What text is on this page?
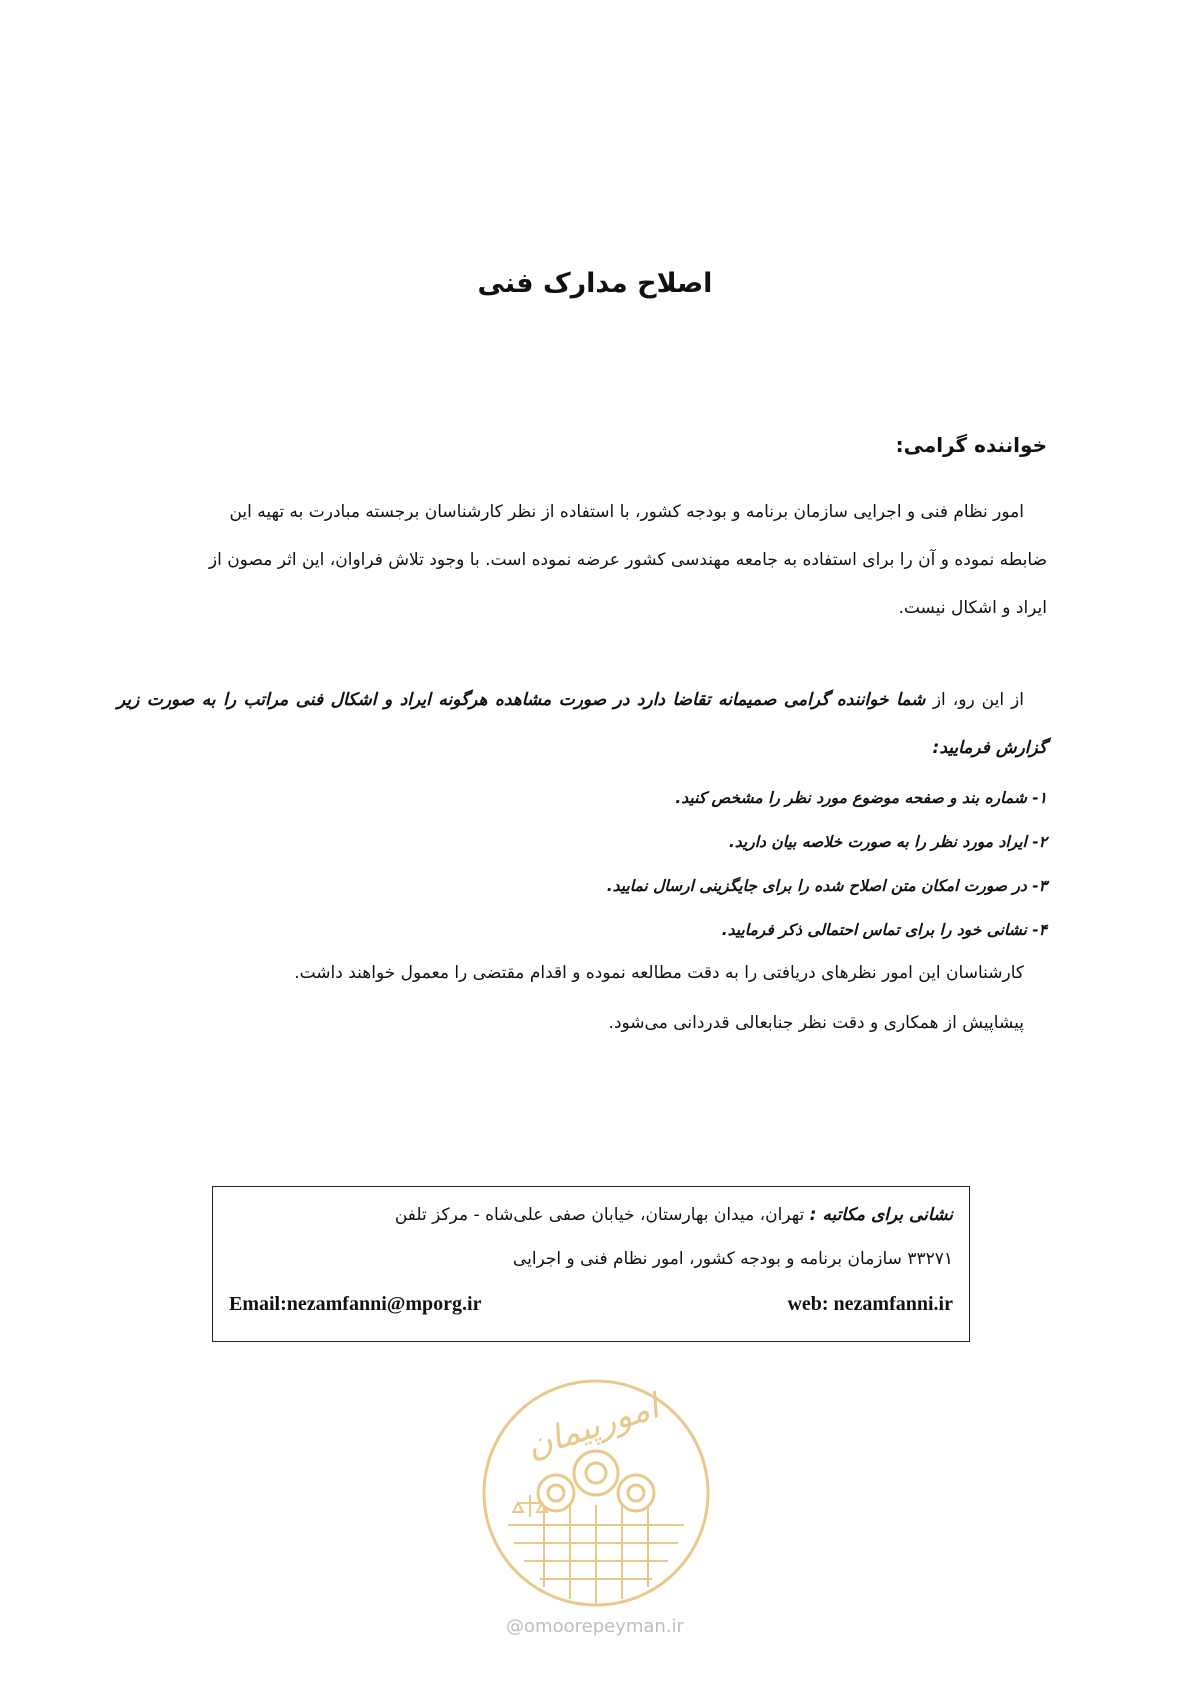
اصلاح مدارک فنی
خواننده گرامی:
امور نظام فنی و اجرایی سازمان برنامه و بودجه کشور، با استفاده از نظر کارشناسان برجسته مبادرت به تهیه این
ضابطه نموده و آن را برای استفاده به جامعه مهندسی کشور عرضه نموده است. با وجود تلاش فراوان، این اثر مصون از
ایراد و اشکال نیست.
از این رو، از شما خواننده گرامی صمیمانه تقاضا دارد در صورت مشاهده هرگونه ایراد و اشکال فنی مراتب را به صورت زیر گزارش فرمایید:
۱- شماره بند و صفحه موضوع مورد نظر را مشخص کنید.
۲- ایراد مورد نظر را به صورت خلاصه بیان دارید.
۳- در صورت امکان متن اصلاح شده را برای جایگزینی ارسال نمایید.
۴- نشانی خود را برای تماس احتمالی ذکر فرمایید.
کارشناسان این امور نظرهای دریافتی را به دقت مطالعه نموده و اقدام مقتضی را معمول خواهند داشت.
پیشاپیش از همکاری و دقت نظر جنابعالی قدردانی می‌شود.
نشانی برای مکاتبه : تهران، میدان بهارستان، خیابان صفی علی‌شاه - مرکز تلفن
۳۳۲۷۱ سازمان برنامه و بودجه کشور، امور نظام فنی و اجرایی
web: nezamfanni.ir
Email:nezamfanni@mporg.ir
امورپیمان
@omoorepeyman.ir
